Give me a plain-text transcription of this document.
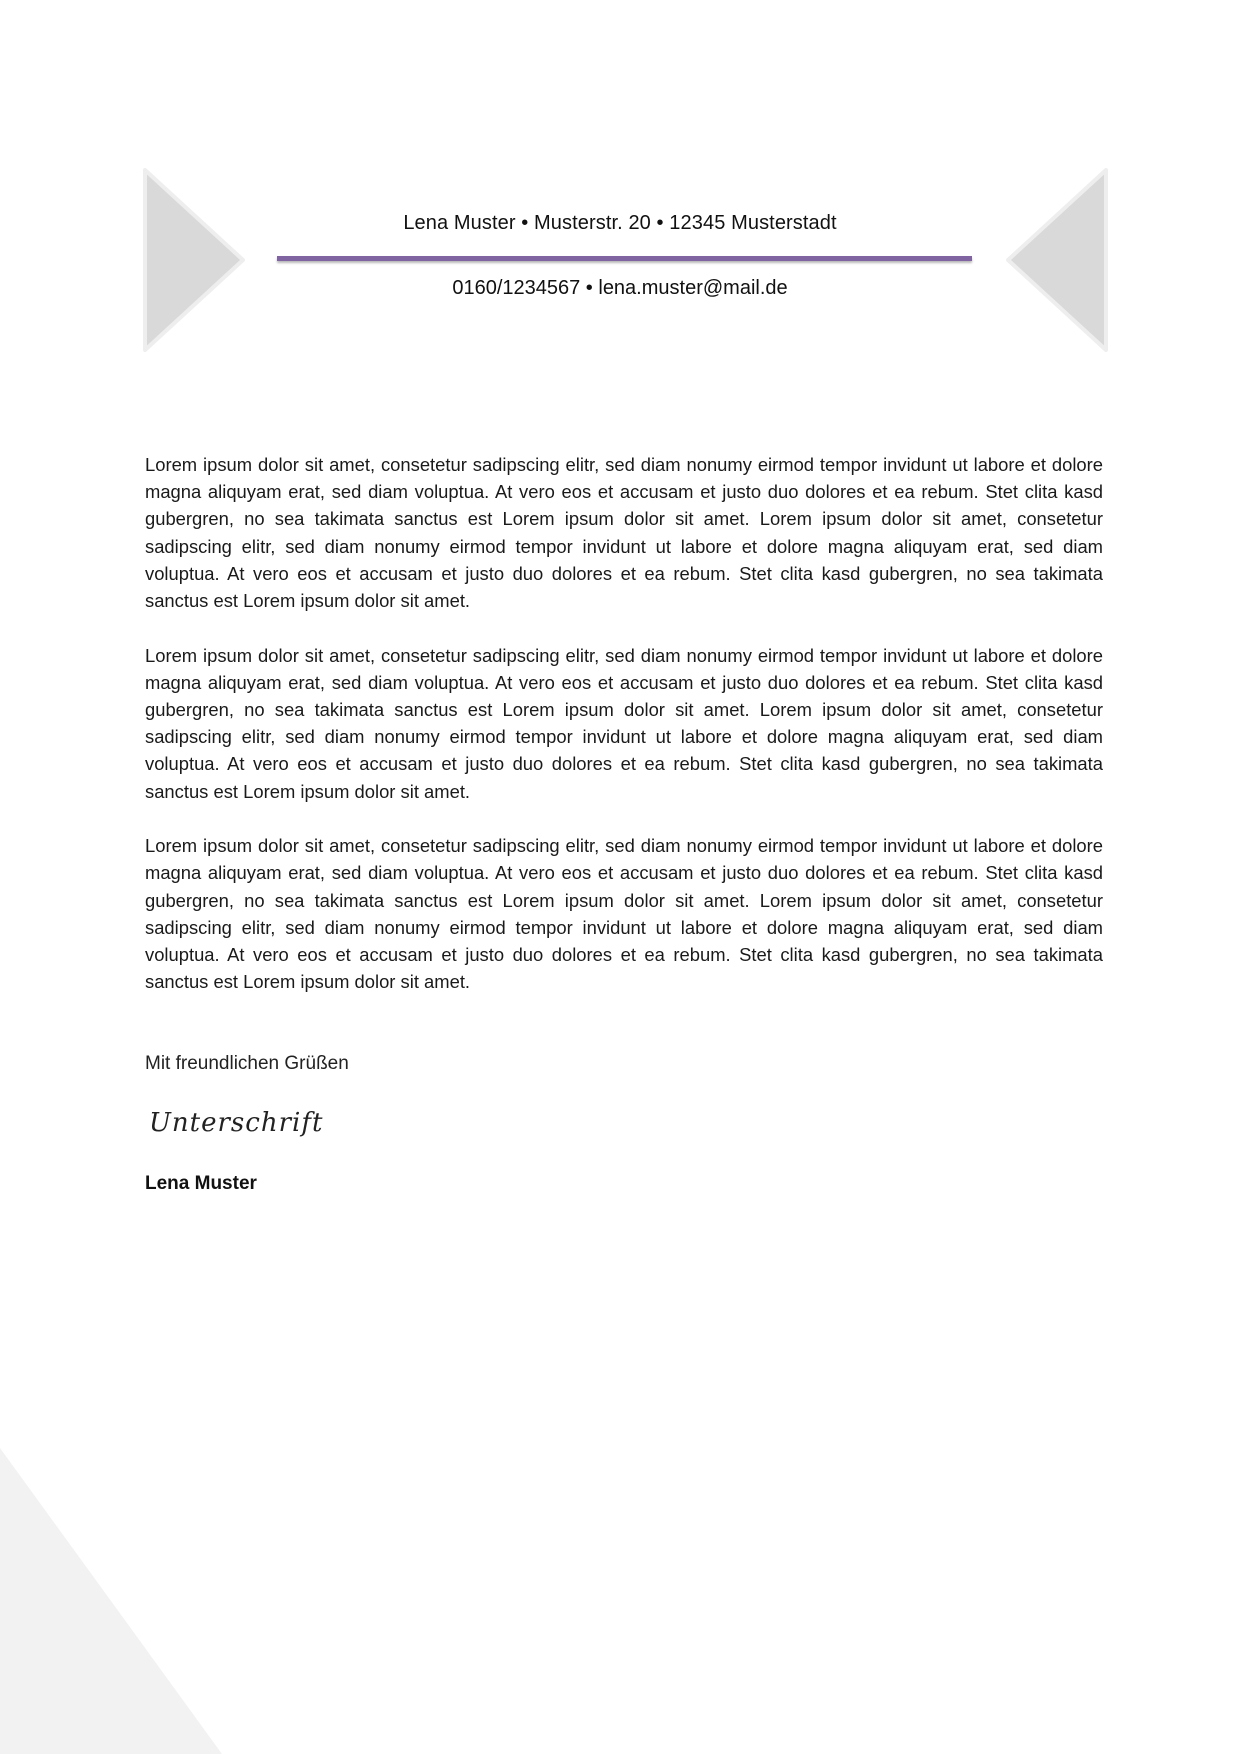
Lena Muster • Musterstr. 20 • 12345 Musterstadt
0160/1234567 • lena.muster@mail.de

Lorem ipsum dolor sit amet, consetetur sadipscing elitr, sed diam nonumy eirmod tempor invidunt ut labore et dolore magna aliquyam erat, sed diam voluptua. At vero eos et accusam et justo duo dolores et ea rebum. Stet clita kasd gubergren, no sea takimata sanctus est Lorem ipsum dolor sit amet. Lorem ipsum dolor sit amet, consetetur sadipscing elitr, sed diam nonumy eirmod tempor invidunt ut labore et dolore magna aliquyam erat, sed diam voluptua. At vero eos et accusam et justo duo dolores et ea rebum. Stet clita kasd gubergren, no sea takimata sanctus est Lorem ipsum dolor sit amet.

Lorem ipsum dolor sit amet, consetetur sadipscing elitr, sed diam nonumy eirmod tempor invidunt ut labore et dolore magna aliquyam erat, sed diam voluptua. At vero eos et accusam et justo duo dolores et ea rebum. Stet clita kasd gubergren, no sea takimata sanctus est Lorem ipsum dolor sit amet. Lorem ipsum dolor sit amet, consetetur sadipscing elitr, sed diam nonumy eirmod tempor invidunt ut labore et dolore magna aliquyam erat, sed diam voluptua. At vero eos et accusam et justo duo dolores et ea rebum. Stet clita kasd gubergren, no sea takimata sanctus est Lorem ipsum dolor sit amet.

Lorem ipsum dolor sit amet, consetetur sadipscing elitr, sed diam nonumy eirmod tempor invidunt ut labore et dolore magna aliquyam erat, sed diam voluptua. At vero eos et accusam et justo duo dolores et ea rebum. Stet clita kasd gubergren, no sea takimata sanctus est Lorem ipsum dolor sit amet. Lorem ipsum dolor sit amet, consetetur sadipscing elitr, sed diam nonumy eirmod tempor invidunt ut labore et dolore magna aliquyam erat, sed diam voluptua. At vero eos et accusam et justo duo dolores et ea rebum. Stet clita kasd gubergren, no sea takimata sanctus est Lorem ipsum dolor sit amet.

Mit freundlichen Grüßen
Unterschrift
Lena Muster
